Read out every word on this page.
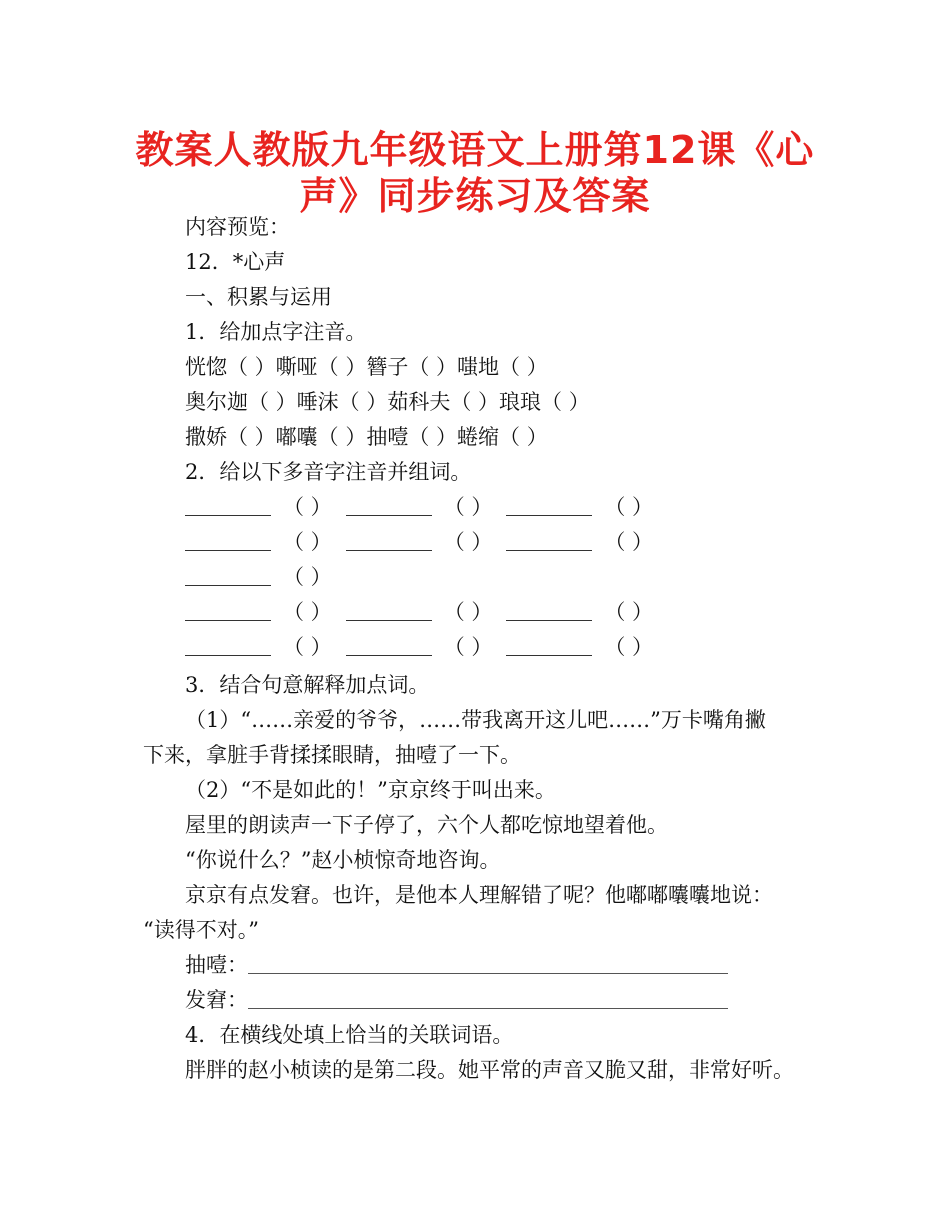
教案人教版九年级语文上册第12课《心
声》同步练习及答案

内容预览：

12．*心声

一、积累与运用

1．给加点字注音。

恍惚（ ）嘶哑（ ）簪子（ ）嗤地（ ）

奥尔迦（ ）唾沫（ ）茹科夫（ ）琅琅（ ）

撒娇（ ）嘟囔（ ）抽噎（ ）蜷缩（ ）

2．给以下多音字注音并组词。

（ ）	（ ）	（ ）
（ ）	（ ）	（ ）
（ ）
（ ）	（ ）	（ ）
（ ）	（ ）	（ ）

3．结合句意解释加点词。

（1）“……亲爱的爷爷，……带我离开这儿吧……”万卡嘴角撇

下来，拿脏手背揉揉眼睛，抽噎了一下。

（2）“不是如此的！”京京终于叫出来。

屋里的朗读声一下子停了，六个人都吃惊地望着他。

“你说什么？”赵小桢惊奇地咨询。

京京有点发窘。也许，是他本人理解错了呢？他嘟嘟囔囔地说：

“读得不对。”

抽噎：

发窘：

4．在横线处填上恰当的关联词语。

胖胖的赵小桢读的是第二段。她平常的声音又脆又甜，非常好听。
